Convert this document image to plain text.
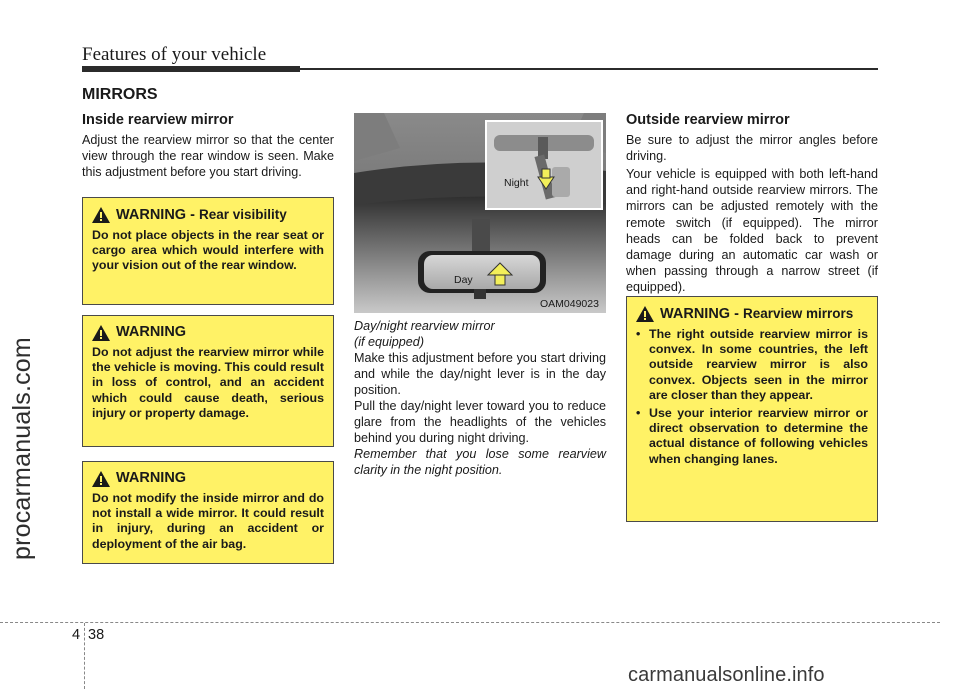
Features of your vehicle
MIRRORS
procarmanuals.com
Inside rearview mirror
Adjust the rearview mirror so that the center view through the rear window is seen. Make this adjustment before you start driving.
WARNING - Rear visibility
Do not place objects in the rear seat or cargo area which would interfere with your vision out of the rear window.
WARNING
Do not adjust the rearview mirror while the vehicle is moving. This could result in loss of control, and an accident which could cause death, serious injury or property damage.
WARNING
Do not modify the inside mirror and do not install a wide mirror. It could result in injury, during an accident or deployment of the air bag.
Night
Day
OAM049023
Day/night rearview mirror
(if equipped)
Make this adjustment before you start driving and while the day/night lever is in the day position.
Pull the day/night lever toward you to reduce glare from the headlights of the vehicles behind you during night driving.
Remember that you lose some rearview clarity in the night position.
Outside rearview mirror
Be sure to adjust the mirror angles before driving.
Your vehicle is equipped with both left-hand and right-hand outside rearview mirrors. The mirrors can be adjusted remotely with the remote switch (if equipped). The mirror heads can be folded back to prevent damage during an automatic car wash or when passing through a narrow street (if equipped).
WARNING - Rearview mirrors
• The right outside rearview mirror is convex. In some countries, the left outside rearview mirror is also convex. Objects seen in the mirror are closer than they appear.
• Use your interior rearview mirror or direct observation to determine the actual distance of following vehicles when changing lanes.
4 38
carmanualsonline.info
